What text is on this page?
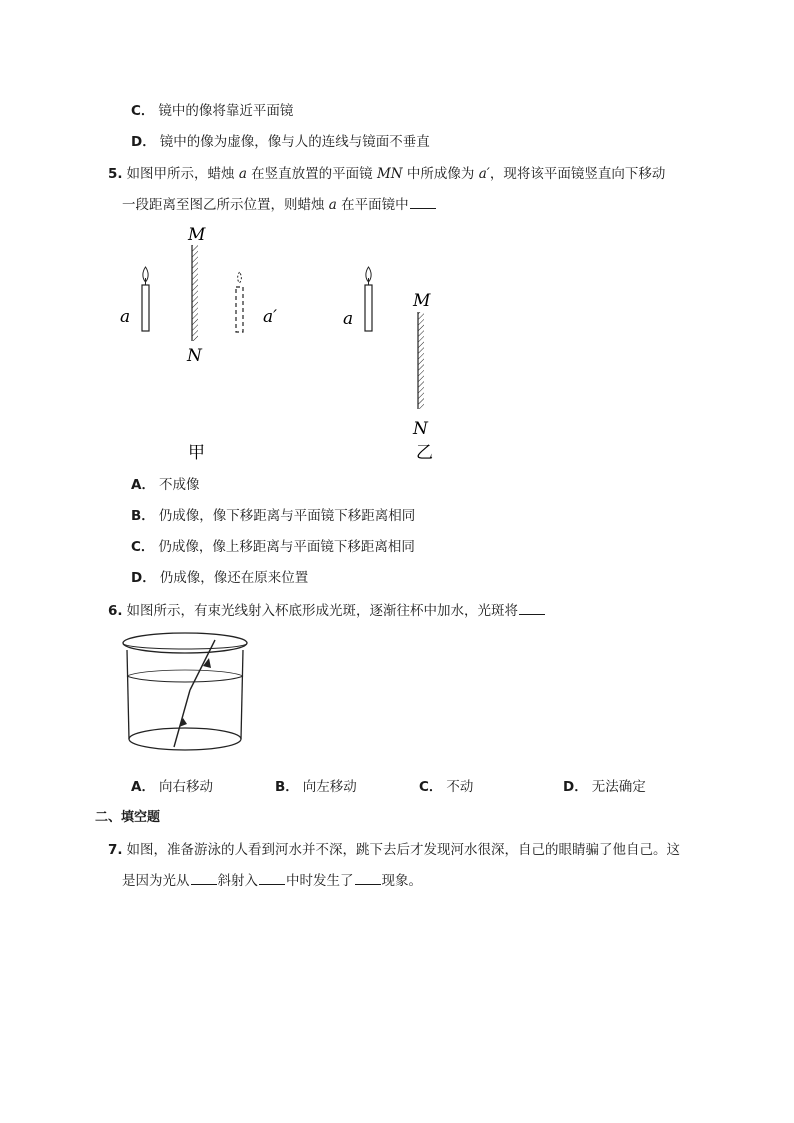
C． 镜中的像将靠近平面镜
D． 镜中的像为虚像，像与人的连线与镜面不垂直
5. 如图甲所示，蜡烛 a 在竖直放置的平面镜 MN 中所成像为 a′，现将该平面镜竖直向下移动
一段距离至图乙所示位置，则蜡烛 a 在平面镜中
M
N
a	a′
甲
a
M
N
乙
A． 不成像
B． 仍成像，像下移距离与平面镜下移距离相同
C． 仍成像，像上移距离与平面镜下移距离相同
D． 仍成像，像还在原来位置
6. 如图所示，有束光线射入杯底形成光斑，逐渐往杯中加水，光斑将
A． 向右移动	B． 向左移动	C． 不动	D． 无法确定
二、填空题
7. 如图，准备游泳的人看到河水并不深，跳下去后才发现河水很深，自己的眼睛骗了他自己。这
是因为光从 斜射入 中时发生了 现象。
